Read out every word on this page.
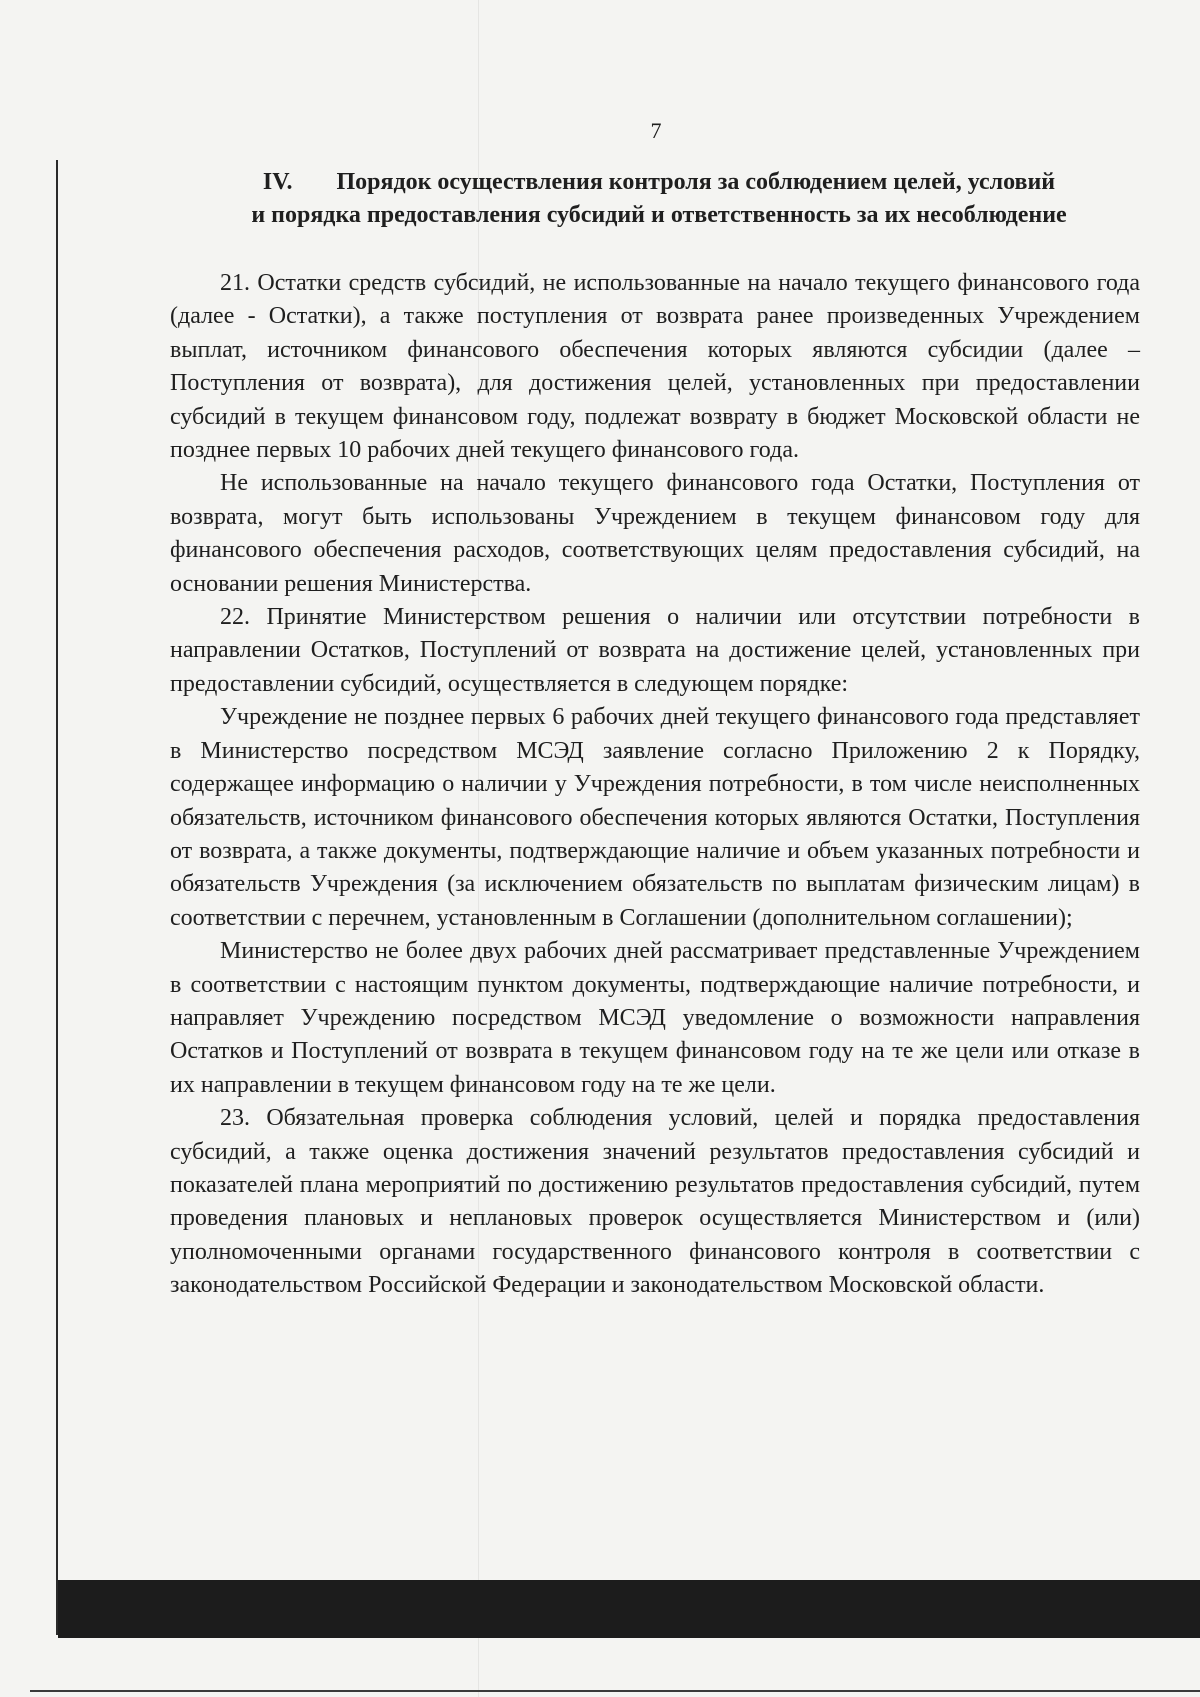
7
IV. Порядок осуществления контроля за соблюдением целей, условий
и порядка предоставления субсидий и ответственность за их несоблюдение

21. Остатки средств субсидий, не использованные на начало текущего финансового года (далее - Остатки), а также поступления от возврата ранее произведенных Учреждением выплат, источником финансового обеспечения которых являются субсидии (далее – Поступления от возврата), для достижения целей, установленных при предоставлении субсидий в текущем финансовом году, подлежат возврату в бюджет Московской области не позднее первых 10 рабочих дней текущего финансового года.

Не использованные на начало текущего финансового года Остатки, Поступления от возврата, могут быть использованы Учреждением в текущем финансовом году для финансового обеспечения расходов, соответствующих целям предоставления субсидий, на основании решения Министерства.

22. Принятие Министерством решения о наличии или отсутствии потребности в направлении Остатков, Поступлений от возврата на достижение целей, установленных при предоставлении субсидий, осуществляется в следующем порядке:

Учреждение не позднее первых 6 рабочих дней текущего финансового года представляет в Министерство посредством МСЭД заявление согласно Приложению 2 к Порядку, содержащее информацию о наличии у Учреждения потребности, в том числе неисполненных обязательств, источником финансового обеспечения которых являются Остатки, Поступления от возврата, а также документы, подтверждающие наличие и объем указанных потребности и обязательств Учреждения (за исключением обязательств по выплатам физическим лицам) в соответствии с перечнем, установленным в Соглашении (дополнительном соглашении);

Министерство не более двух рабочих дней рассматривает представленные Учреждением в соответствии с настоящим пунктом документы, подтверждающие наличие потребности, и направляет Учреждению посредством МСЭД уведомление о возможности направления Остатков и Поступлений от возврата в текущем финансовом году на те же цели или отказе в их направлении в текущем финансовом году на те же цели.

23. Обязательная проверка соблюдения условий, целей и порядка предоставления субсидий, а также оценка достижения значений результатов предоставления субсидий и показателей плана мероприятий по достижению результатов предоставления субсидий, путем проведения плановых и неплановых проверок осуществляется Министерством и (или) уполномоченными органами государственного финансового контроля в соответствии с законодательством Российской Федерации и законодательством Московской области.
